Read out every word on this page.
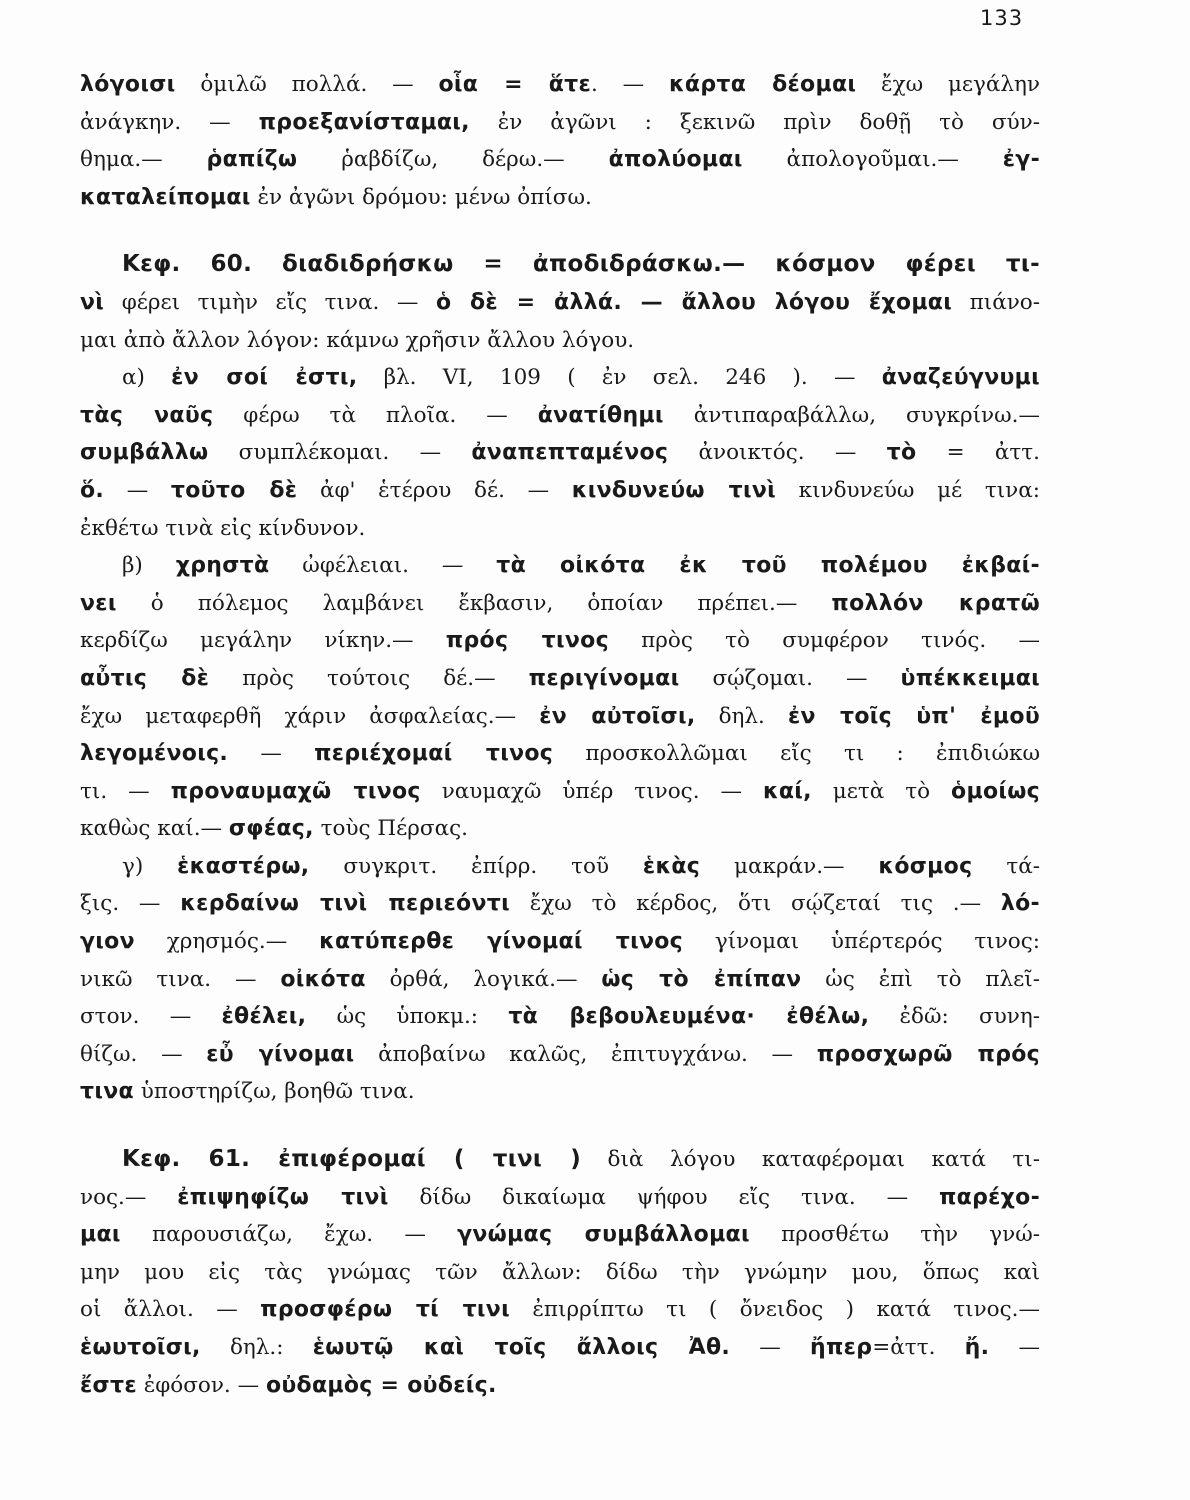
133
λόγοισι ὁμιλῶ πολλά. — οἷα = ἅτε. — κάρτα δέομαι ἔχω μεγάλην
ἀνάγκην. — προεξανίσταμαι, ἐν ἀγῶνι : ξεκινῶ πρὶν δοθῇ τὸ σύν-
θημα.— ῥαπίζω ῥαβδίζω, δέρω.— ἀπολύομαι ἀπολογοῦμαι.— ἐγ-
καταλείπομαι ἐν ἀγῶνι δρόμου: μένω ὀπίσω.
Κεφ. 60. διαδιδρήσκω = ἀποδιδράσκω.— κόσμον φέρει τι-
νὶ φέρει τιμὴν εἴς τινα. — ὁ δὲ = ἀλλά. — ἄλλου λόγου ἔχομαι πιάνο-
μαι ἀπὸ ἄλλον λόγον: κάμνω χρῆσιν ἄλλου λόγου.
α) ἐν σοί ἐστι, βλ. VI, 109 ( ἐν σελ. 246 ). — ἀναζεύγνυμι
τὰς ναῦς φέρω τὰ πλοῖα. — ἀνατίθημι ἀντιπαραβάλλω, συγκρίνω.—
συμβάλλω συμπλέκομαι. — ἀναπεπταμένος ἀνοικτός. — τὸ = ἀττ.
ὅ. — τοῦτο δὲ ἀφ' ἑτέρου δέ. — κινδυνεύω τινὶ κινδυνεύω μέ τινα:
ἐκθέτω τινὰ εἰς κίνδυνον.
β) χρηστὰ ὠφέλειαι. — τὰ οἰκότα ἐκ τοῦ πολέμου ἐκβαί-
νει ὁ πόλεμος λαμβάνει ἔκβασιν, ὁποίαν πρέπει.— πολλόν κρατῶ
κερδίζω μεγάλην νίκην.— πρός τινος πρὸς τὸ συμφέρον τινός. —
αὖτις δὲ πρὸς τούτοις δέ.— περιγίνομαι σῴζομαι. — ὑπέκκειμαι
ἔχω μεταφερθῆ χάριν ἀσφαλείας.— ἐν αὐτοῖσι, δηλ. ἐν τοῖς ὑπ' ἐμοῦ
λεγομένοις. — περιέχομαί τινος προσκολλῶμαι εἴς τι : ἐπιδιώκω
τι. — προναυμαχῶ τινος ναυμαχῶ ὑπέρ τινος. — καί, μετὰ τὸ ὁμοίως
καθὼς καί.— σφέας, τοὺς Πέρσας.
γ) ἑκαστέρω, συγκριτ. ἐπίρρ. τοῦ ἑκὰς μακράν.— κόσμος τά-
ξις. — κερδαίνω τινὶ περιεόντι ἔχω τὸ κέρδος, ὅτι σῴζεταί τις .— λό-
γιον χρησμός.— κατύπερθε γίνομαί τινος γίνομαι ὑπέρτερός τινος:
νικῶ τινα. — οἰκότα ὀρθά, λογικά.— ὡς τὸ ἐπίπαν ὡς ἐπὶ τὸ πλεῖ-
στον. — ἐθέλει, ὡς ὑποκμ.: τὰ βεβουλευμένα· ἐθέλω, ἐδῶ: συνη-
θίζω. — εὖ γίνομαι ἀποβαίνω καλῶς, ἐπιτυγχάνω. — προσχωρῶ πρός
τινα ὑποστηρίζω, βοηθῶ τινα.
Κεφ. 61. ἐπιφέρομαί ( τινι ) διὰ λόγου καταφέρομαι κατά τι-
νος.— ἐπιψηφίζω τινὶ δίδω δικαίωμα ψήφου εἴς τινα. — παρέχο-
μαι παρουσιάζω, ἔχω. — γνώμας συμβάλλομαι προσθέτω τὴν γνώ-
μην μου εἰς τὰς γνώμας τῶν ἄλλων: δίδω τὴν γνώμην μου, ὅπως καὶ
οἱ ἄλλοι. — προσφέρω τί τινι ἐπιρρίπτω τι ( ὄνειδος ) κατά τινος.—
ἑωυτοῖσι, δηλ.: ἑωυτῷ καὶ τοῖς ἄλλοις Ἀθ. — ἤπερ=ἀττ. ἤ. —
ἔστε ἐφόσον. — οὐδαμὸς = οὐδείς.
